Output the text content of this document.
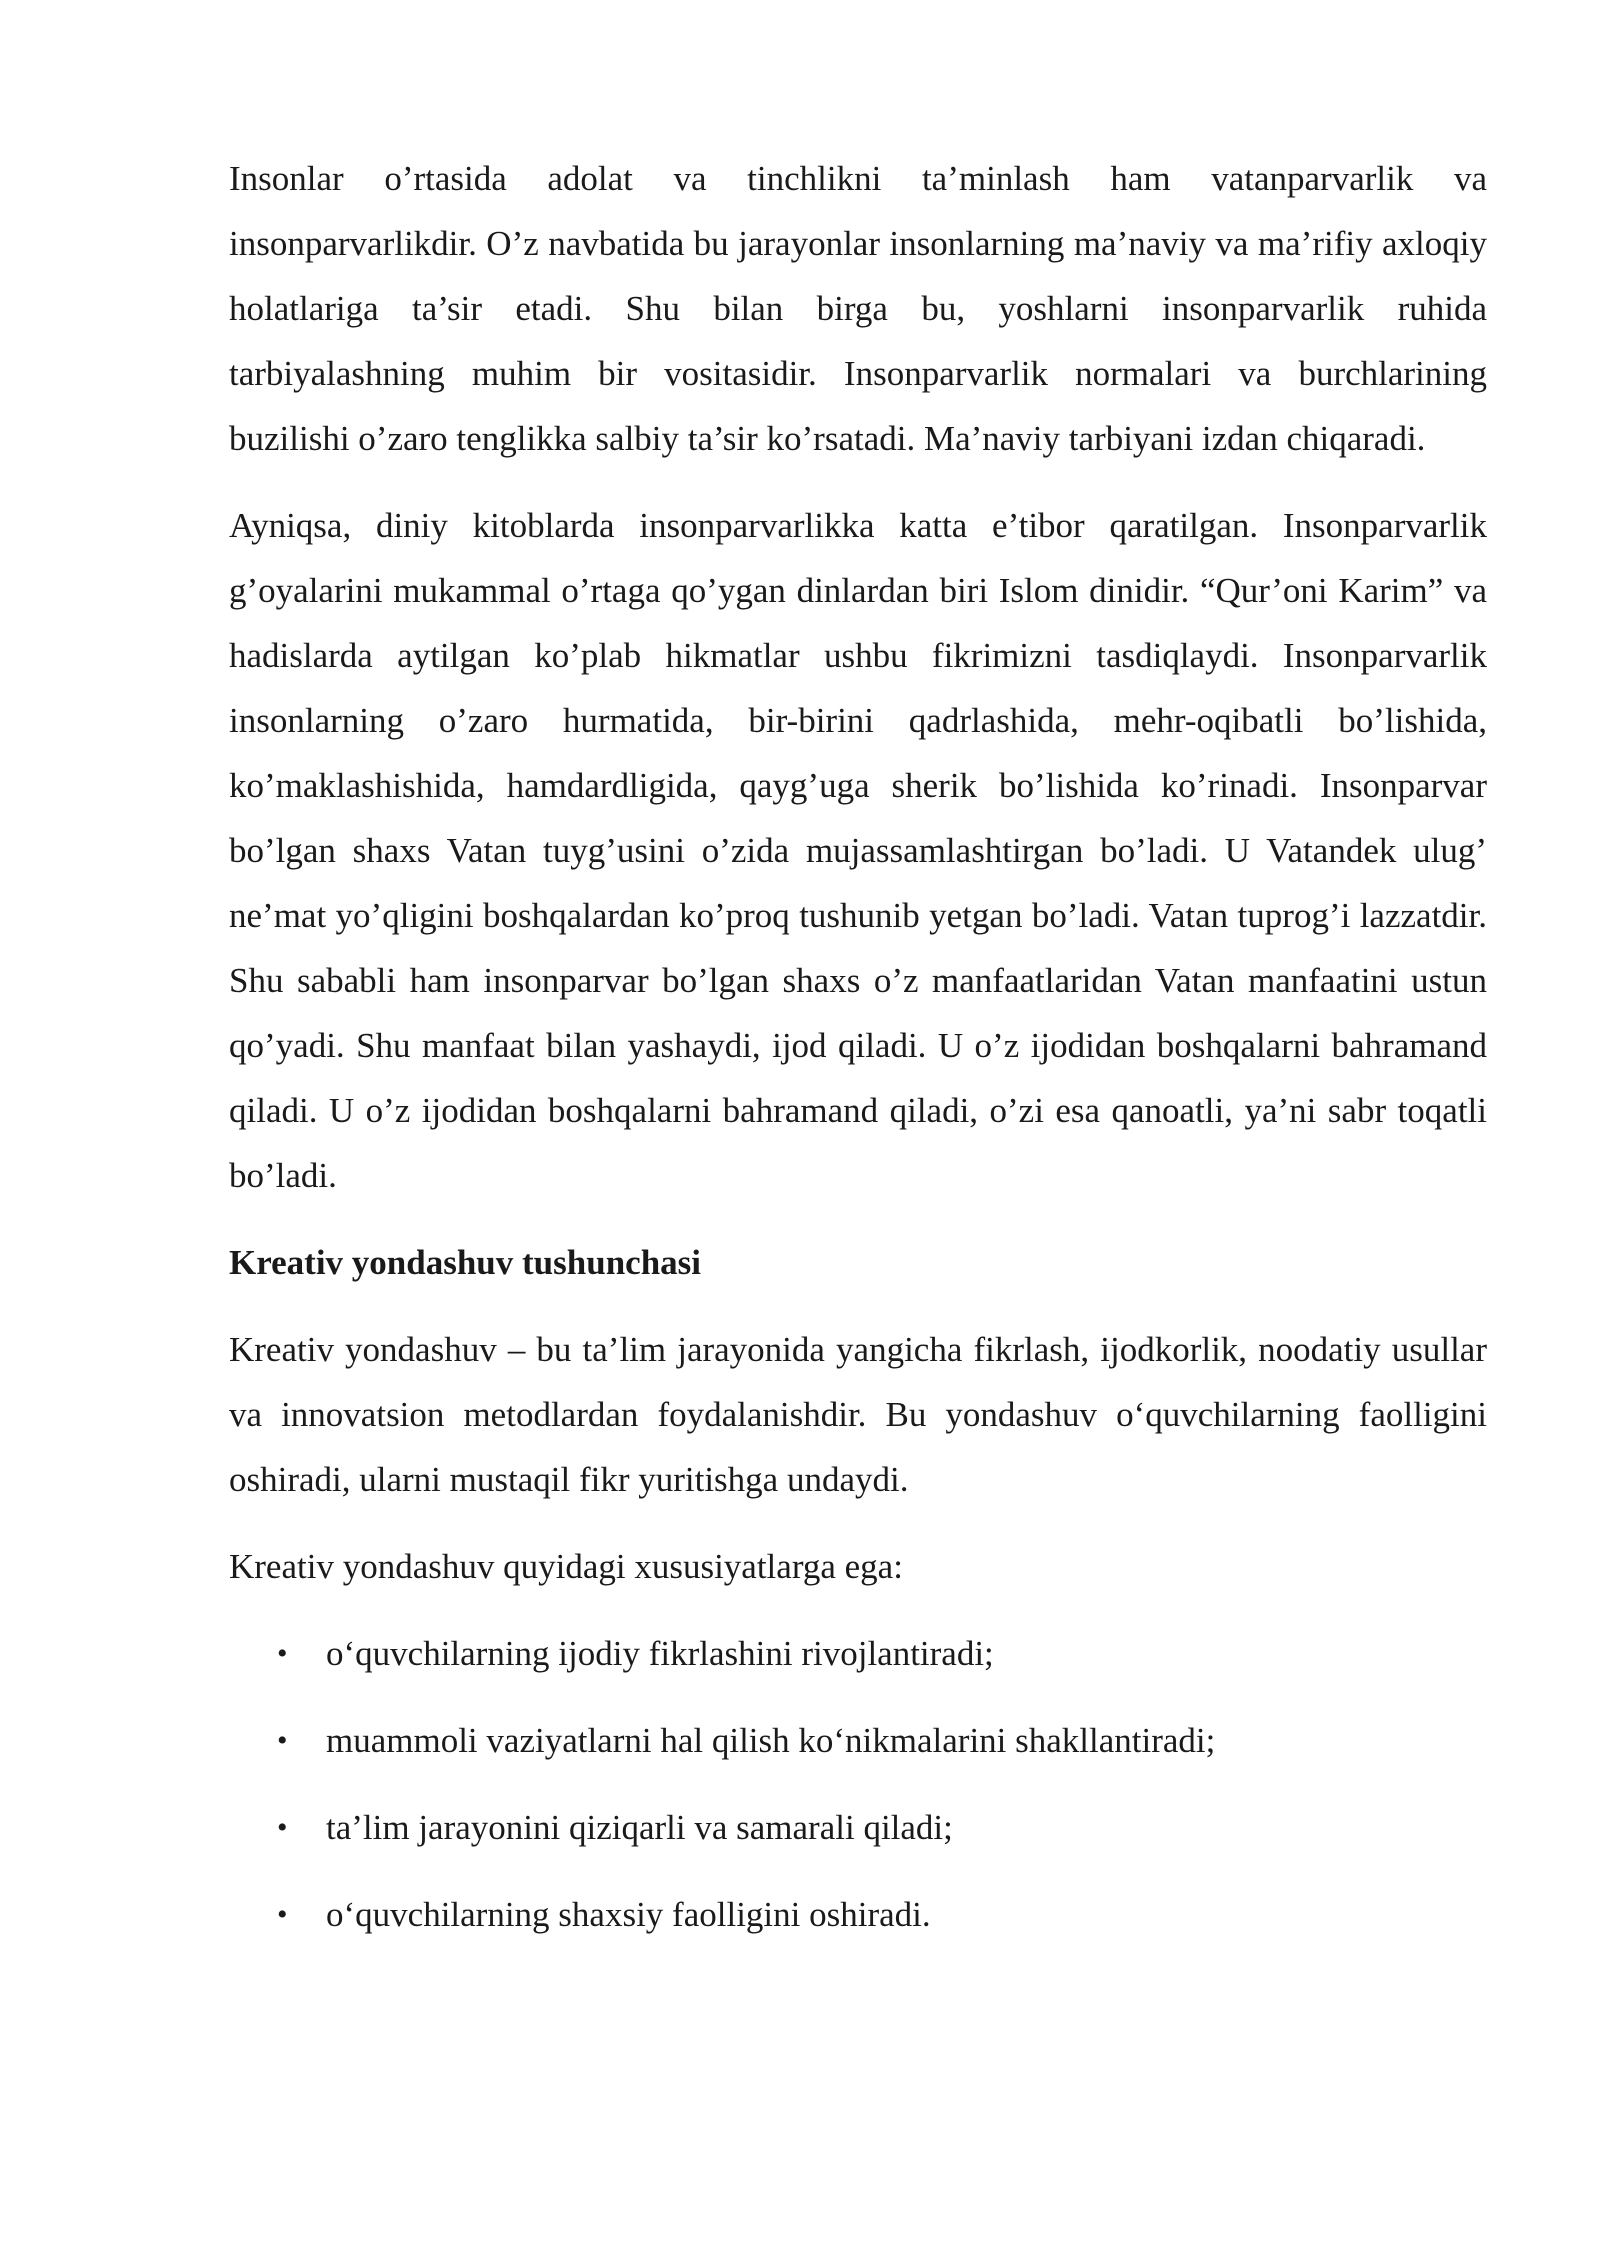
Insonlar o’rtasida adolat va tinchlikni ta’minlash ham vatanparvarlik va insonparvarlikdir. O’z navbatida bu jarayonlar insonlarning ma’naviy va ma’rifiy axloqiy holatlariga ta’sir etadi. Shu bilan birga bu, yoshlarni insonparvarlik ruhida tarbiyalashning muhim bir vositasidir. Insonparvarlik normalari va burchlarining buzilishi o’zaro tenglikka salbiy ta’sir ko’rsatadi. Ma’naviy tarbiyani izdan chiqaradi.

Ayniqsa, diniy kitoblarda insonparvarlikka katta e’tibor qaratilgan. Insonparvarlik g’oyalarini mukammal o’rtaga qo’ygan dinlardan biri Islom dinidir. “Qur’oni Karim” va hadislarda aytilgan ko’plab hikmatlar ushbu fikrimizni tasdiqlaydi. Insonparvarlik insonlarning o’zaro hurmatida, bir-birini qadrlashida, mehr-oqibatli bo’lishida, ko’maklashishida, hamdardligida, qayg’uga sherik bo’lishida ko’rinadi. Insonparvar bo’lgan shaxs Vatan tuyg’usini o’zida mujassamlashtirgan bo’ladi. U Vatandek ulug’ ne’mat yo’qligini boshqalardan ko’proq tushunib yetgan bo’ladi. Vatan tuprog’i lazzatdir. Shu sababli ham insonparvar bo’lgan shaxs o’z manfaatlaridan Vatan manfaatini ustun qo’yadi. Shu manfaat bilan yashaydi, ijod qiladi. U o’z ijodidan boshqalarni bahramand qiladi. U o’z ijodidan boshqalarni bahramand qiladi, o’zi esa qanoatli, ya’ni sabr toqatli bo’ladi.

Kreativ yondashuv tushunchasi

Kreativ yondashuv – bu ta’lim jarayonida yangicha fikrlash, ijodkorlik, noodatiy usullar va innovatsion metodlardan foydalanishdir. Bu yondashuv o‘quvchilarning faolligini oshiradi, ularni mustaqil fikr yuritishga undaydi.

Kreativ yondashuv quyidagi xususiyatlarga ega:

• o‘quvchilarning ijodiy fikrlashini rivojlantiradi;
• muammoli vaziyatlarni hal qilish ko‘nikmalarini shakllantiradi;
• ta’lim jarayonini qiziqarli va samarali qiladi;
• o‘quvchilarning shaxsiy faolligini oshiradi.
